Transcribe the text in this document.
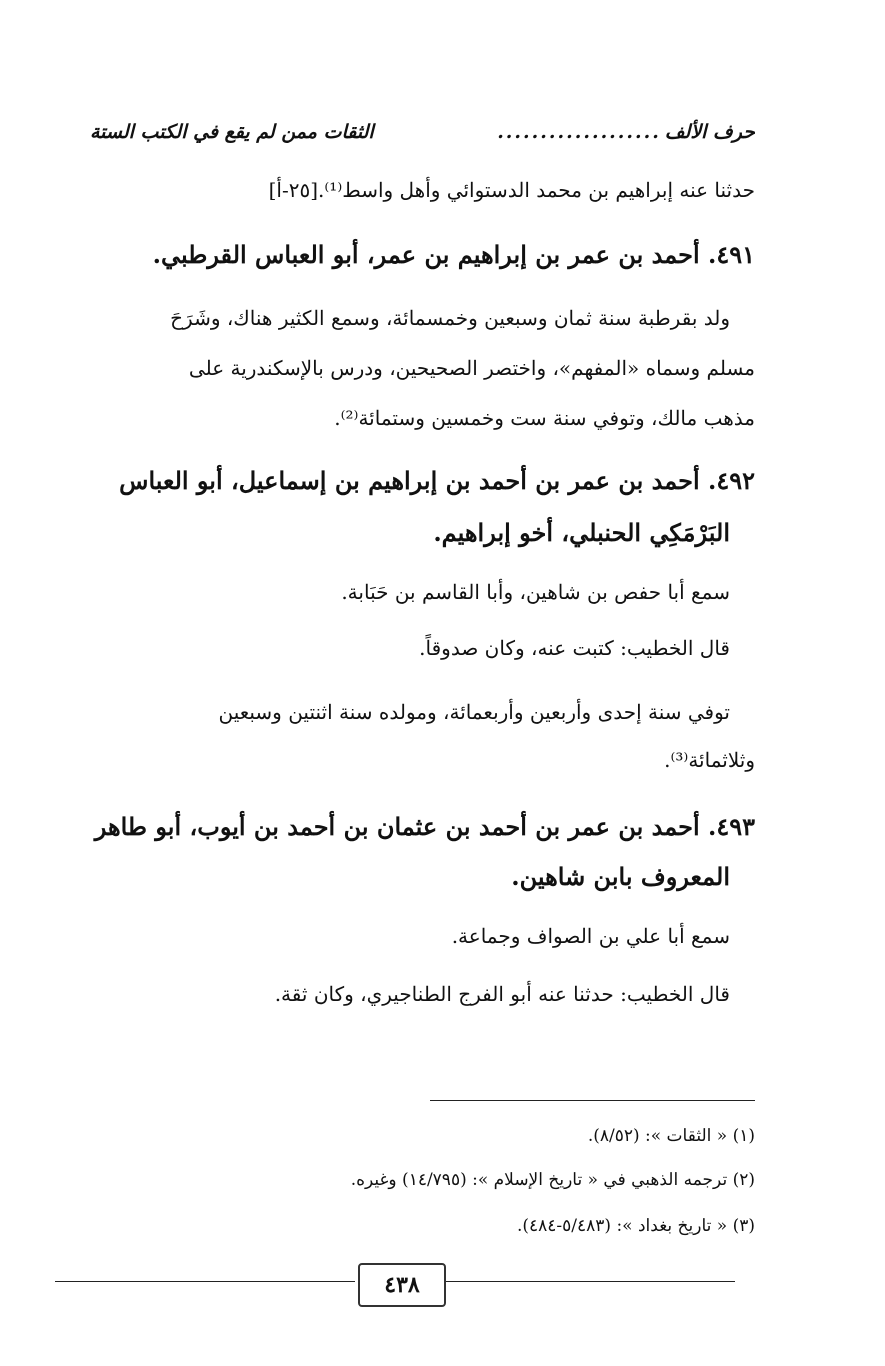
حرف الألف
...................
الثقات ممن لم يقع في الكتب الستة
حدثنا عنه إبراهيم بن محمد الدستوائي وأهل واسط⁽¹⁾.[٢٥-أ]
٤٩١. أحمد بن عمر بن إبراهيم بن عمر، أبو العباس القرطبي.
ولد بقرطبة سنة ثمان وسبعين وخمسمائة، وسمع الكثير هناك، وشَرَحَ
مسلم وسماه «المفهم»، واختصر الصحيحين، ودرس بالإسكندرية على
مذهب مالك، وتوفي سنة ست وخمسين وستمائة⁽²⁾.
٤٩٢. أحمد بن عمر بن أحمد بن إبراهيم بن إسماعيل، أبو العباس
البَرْمَكِي الحنبلي، أخو إبراهيم.
سمع أبا حفص بن شاهين، وأبا القاسم بن حَبَابة.
قال الخطيب: كتبت عنه، وكان صدوقاً.
توفي سنة إحدى وأربعين وأربعمائة، ومولده سنة اثنتين وسبعين
وثلاثمائة⁽³⁾.
٤٩٣. أحمد بن عمر بن أحمد بن عثمان بن أحمد بن أيوب، أبو طاهر
المعروف بابن شاهين.
سمع أبا علي بن الصواف وجماعة.
قال الخطيب: حدثنا عنه أبو الفرج الطناجيري، وكان ثقة.
(١) « الثقات »: (٨/٥٢).
(٢) ترجمه الذهبي في « تاريخ الإسلام »: (١٤/٧٩٥) وغيره.
(٣) « تاريخ بغداد »: (٥/٤٨٣-٤٨٤).
٤٣٨
